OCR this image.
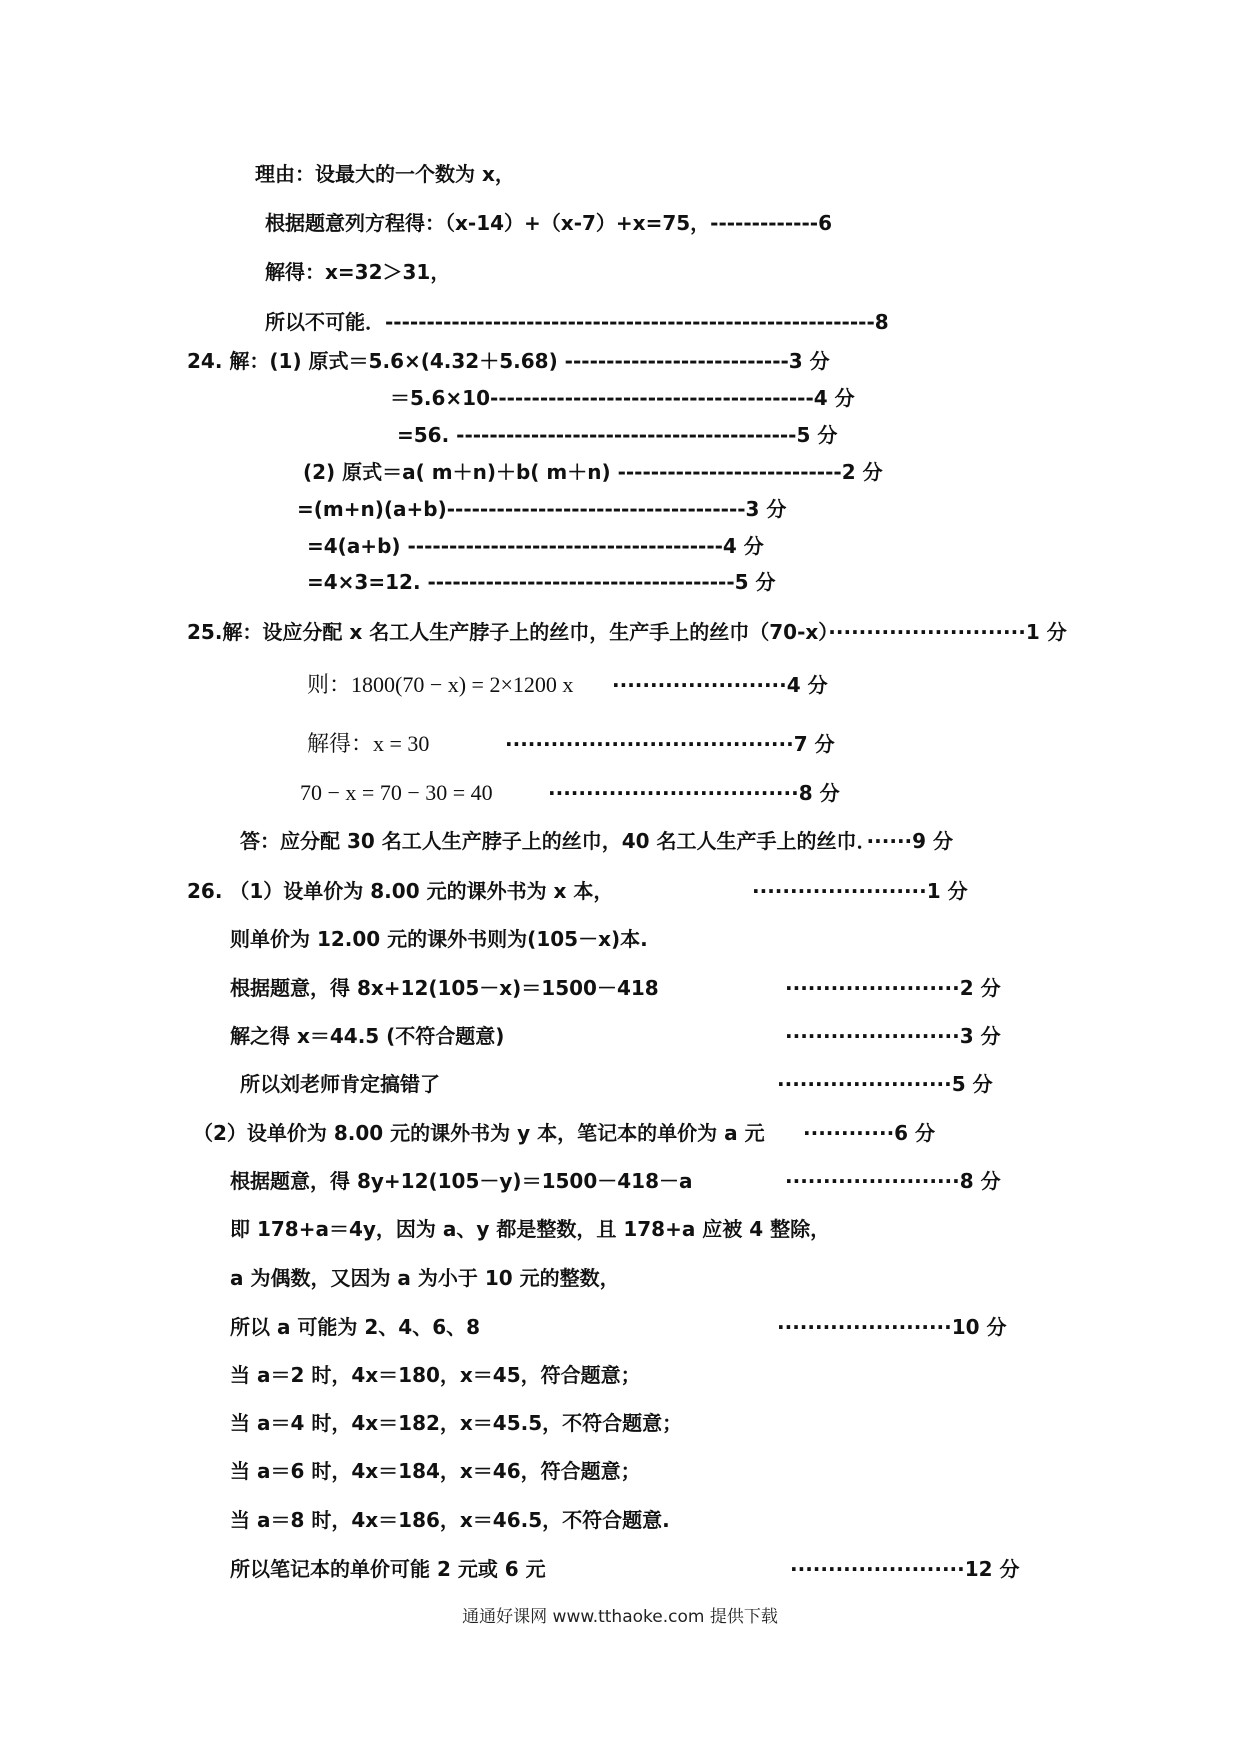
理由：设最大的一个数为 x，
根据题意列方程得：（x-14）+（x-7）+x=75，-------------6
解得：x=32＞31，
所以不可能．-----------------------------------------------------------8
24. 解：(1) 原式＝5.6×(4.32＋5.68) ---------------------------3 分
＝5.6×10---------------------------------------4 分
=56. -----------------------------------------5 分
(2) 原式＝a( m＋n)＋b( m＋n) ---------------------------2 分
=(m+n)(a+b)------------------------------------3 分
=4(a+b) --------------------------------------4 分
=4×3=12. -------------------------------------5 分
25.解：设应分配 x 名工人生产脖子上的丝巾，生产手上的丝巾（70-x）··························1 分
则：1800(70 − x) = 2×1200 x ·······················4 分
解得：x = 30	······································7 分
70 − x = 70 − 30 = 40	·································8 分
答：应分配 30 名工人生产脖子上的丝巾，40 名工人生产手上的丝巾．······9 分
26. （1）设单价为 8.00 元的课外书为 x 本，	·······················1 分
则单价为 12.00 元的课外书则为(105－x)本.
根据题意，得 8x+12(105－x)＝1500－418	·······················2 分
解之得 x＝44.5 (不符合题意)	·······················3 分
所以刘老师肯定搞错了	·······················5 分
（2）设单价为 8.00 元的课外书为 y 本，笔记本的单价为 a 元 ············6 分
根据题意，得 8y+12(105－y)＝1500－418－a	·······················8 分
即 178+a＝4y，因为 a、y 都是整数，且 178+a 应被 4 整除，
a 为偶数，又因为 a 为小于 10 元的整数，
所以 a 可能为 2、4、6、8	·······················10 分
当 a＝2 时，4x＝180，x＝45，符合题意；
当 a＝4 时，4x＝182，x＝45.5，不符合题意；
当 a＝6 时，4x＝184，x＝46，符合题意；
当 a＝8 时，4x＝186，x＝46.5，不符合题意.
所以笔记本的单价可能 2 元或 6 元	·······················12 分
通通好课网 www.tthaoke.com 提供下载
